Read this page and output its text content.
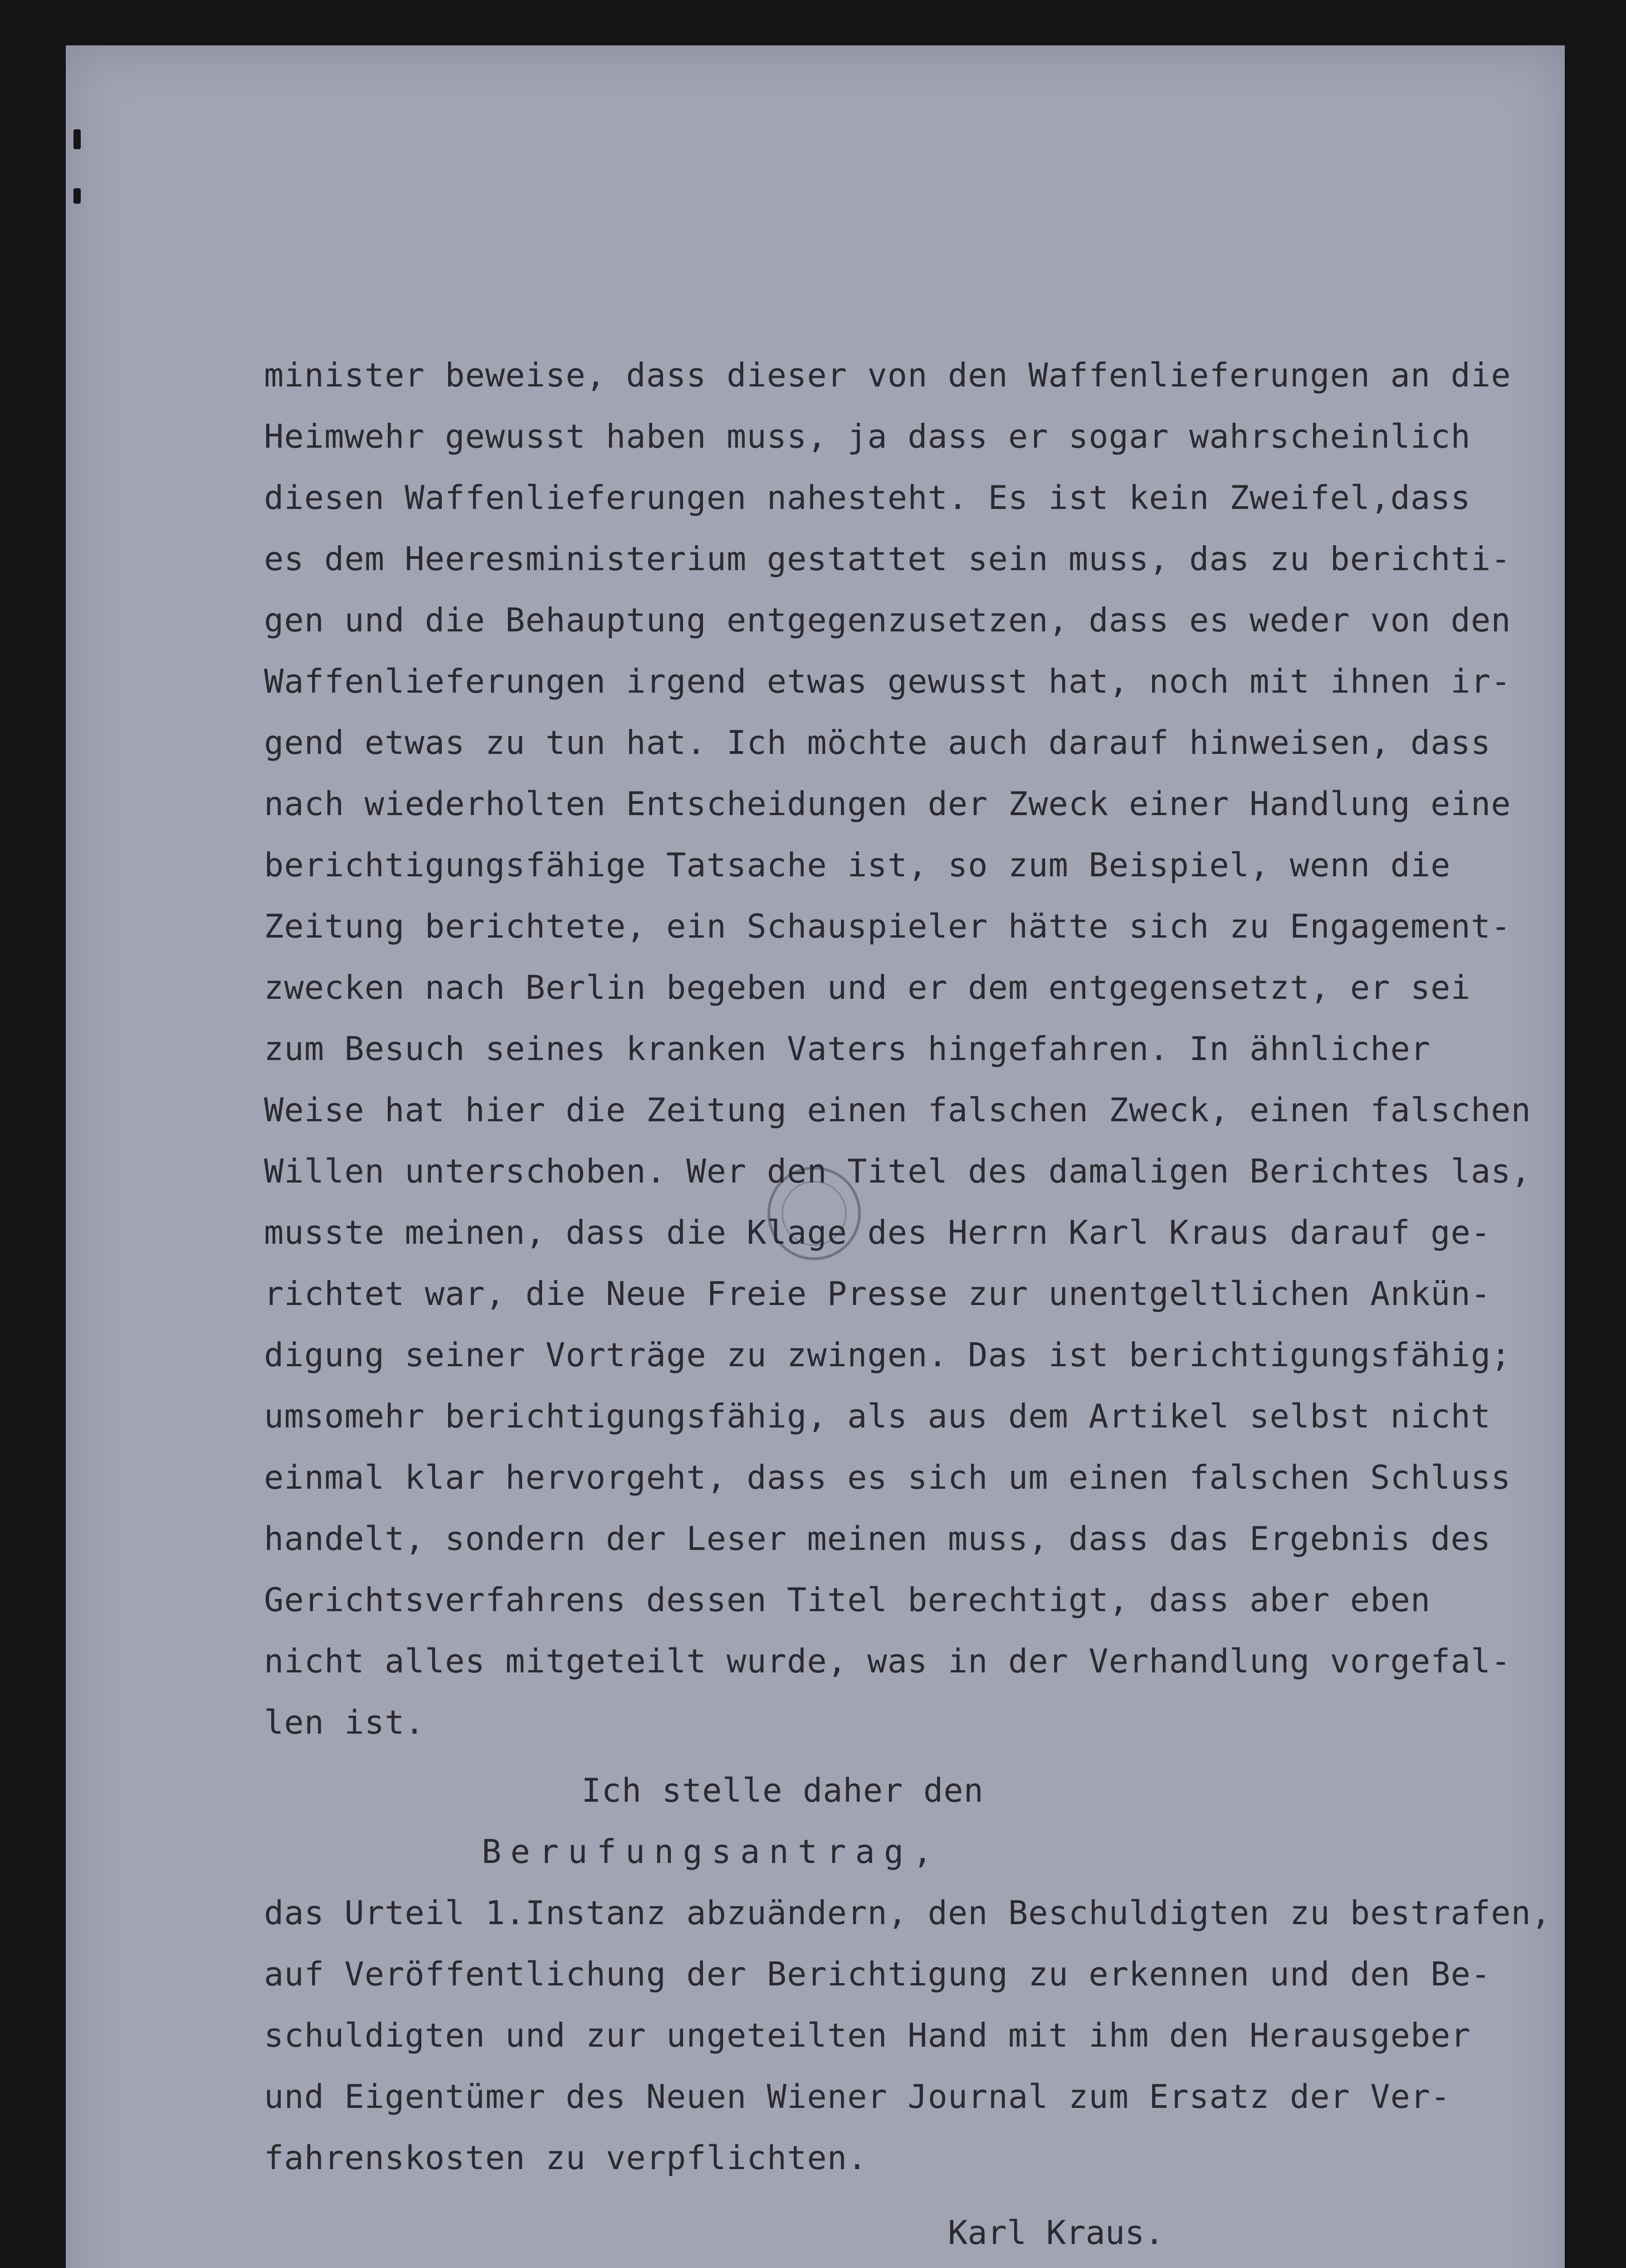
minister beweise, dass dieser von den Waffenlieferungen an die
Heimwehr gewusst haben muss, ja dass er sogar wahrscheinlich
diesen Waffenlieferungen nahesteht. Es ist kein Zweifel,dass
es dem Heeresministerium gestattet sein muss, das zu berichti-
gen und die Behauptung entgegenzusetzen, dass es weder von den
Waffenlieferungen irgend etwas gewusst hat, noch mit ihnen ir-
gend etwas zu tun hat. Ich möchte auch darauf hinweisen, dass
nach wiederholten Entscheidungen der Zweck einer Handlung eine
berichtigungsfähige Tatsache ist, so zum Beispiel, wenn die
Zeitung berichtete, ein Schauspieler hätte sich zu Engagement-
zwecken nach Berlin begeben und er dem entgegensetzt, er sei
zum Besuch seines kranken Vaters hingefahren. In ähnlicher
Weise hat hier die Zeitung einen falschen Zweck, einen falschen
Willen unterschoben. Wer den Titel des damaligen Berichtes las,
musste meinen, dass die Klage des Herrn Karl Kraus darauf ge-
richtet war, die Neue Freie Presse zur unentgeltlichen Ankün-
digung seiner Vorträge zu zwingen. Das ist berichtigungsfähig;
umsomehr berichtigungsfähig, als aus dem Artikel selbst nicht
einmal klar hervorgeht, dass es sich um einen falschen Schluss
handelt, sondern der Leser meinen muss, dass das Ergebnis des
Gerichtsverfahrens dessen Titel berechtigt, dass aber eben
nicht alles mitgeteilt wurde, was in der Verhandlung vorgefal-
len ist.
Ich stelle daher den
Berufungsantrag,
das Urteil 1.Instanz abzuändern, den Beschuldigten zu bestrafen,
auf Veröffentlichung der Berichtigung zu erkennen und den Be-
schuldigten und zur ungeteilten Hand mit ihm den Herausgeber
und Eigentümer des Neuen Wiener Journal zum Ersatz der Ver-
fahrenskosten zu verpflichten.
Karl Kraus.
